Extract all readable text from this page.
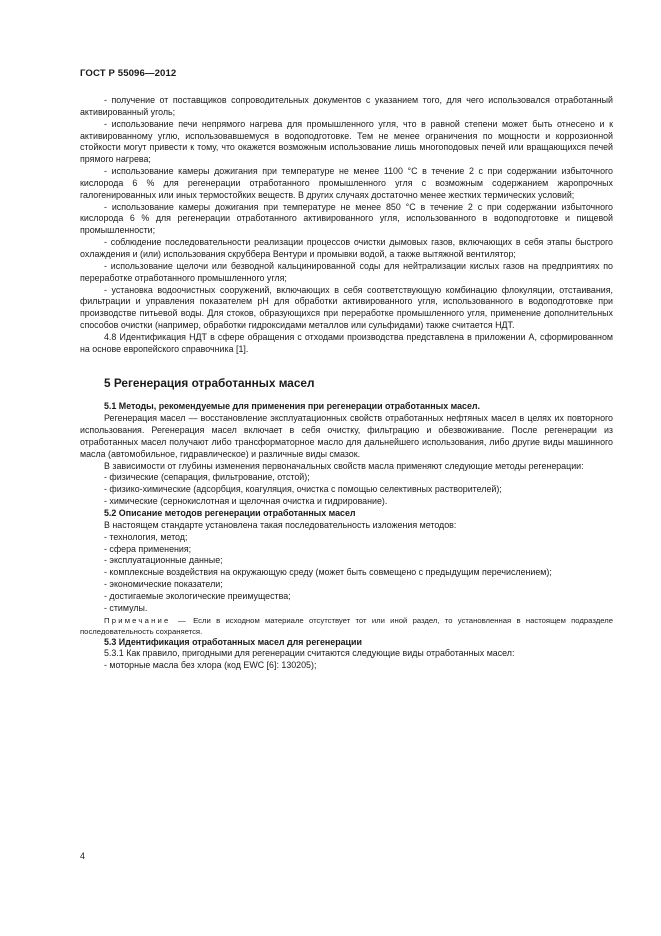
ГОСТ Р 55096—2012

- получение от поставщиков сопроводительных документов с указанием того, для чего использовался отработанный активированный уголь;

- использование печи непрямого нагрева для промышленного угля, что в равной степени может быть отнесено и к активированному углю, использовавшемуся в водоподготовке. Тем не менее ограничения по мощности и коррозионной стойкости могут привести к тому, что окажется возможным использование лишь многоподовых печей или вращающихся печей прямого нагрева;

- использование камеры дожигания при температуре не менее 1100 °С в течение 2 с при содержании избыточного кислорода 6 % для регенерации отработанного промышленного угля с возможным содержанием жаропрочных галогенированных или иных термостойких веществ. В других случаях достаточно менее жестких термических условий;

- использование камеры дожигания при температуре не менее 850 °С в течение 2 с при содержании избыточного кислорода 6 % для регенерации отработанного активированного угля, использованного в водоподготовке и пищевой промышленности;

- соблюдение последовательности реализации процессов очистки дымовых газов, включающих в себя этапы быстрого охлаждения и (или) использования скруббера Вентури и промывки водой, а также вытяжной вентилятор;

- использование щелочи или безводной кальцинированной соды для нейтрализации кислых газов на предприятиях по переработке отработанного промышленного угля;

- установка водоочистных сооружений, включающих в себя соответствующую комбинацию флокуляции, отстаивания, фильтрации и управления показателем рН для обработки активированного угля, использованного в водоподготовке при производстве питьевой воды. Для стоков, образующихся при переработке промышленного угля, применение дополнительных способов очистки (например, обработки гидроксидами металлов или сульфидами) также считается НДТ.

4.8 Идентификация НДТ в сфере обращения с отходами производства представлена в приложении А, сформированном на основе европейского справочника [1].

5 Регенерация отработанных масел

5.1 Методы, рекомендуемые для применения при регенерации отработанных масел.

Регенерация масел — восстановление эксплуатационных свойств отработанных нефтяных масел в целях их повторного использования. Регенерация масел включает в себя очистку, фильтрацию и обезвоживание. После регенерации из отработанных масел получают либо трансформаторное масло для дальнейшего использования, либо другие виды машинного масла (автомобильное, гидравлическое) и различные виды смазок.

В зависимости от глубины изменения первоначальных свойств масла применяют следующие методы регенерации:

- физические (сепарация, фильтрование, отстой);

- физико-химические (адсорбция, коагуляция, очистка с помощью селективных растворителей);

- химические (сернокислотная и щелочная очистка и гидрирование).

5.2 Описание методов регенерации отработанных масел

В настоящем стандарте установлена такая последовательность изложения методов:

- технология, метод;

- сфера применения;

- эксплуатационные данные;

- комплексные воздействия на окружающую среду (может быть совмещено с предыдущим перечислением);

- экономические показатели;

- достигаемые экологические преимущества;

- стимулы.

Примечание — Если в исходном материале отсутствует тот или иной раздел, то установленная в настоящем подразделе последовательность сохраняется.

5.3 Идентификация отработанных масел для регенерации

5.3.1 Как правило, пригодными для регенерации считаются следующие виды отработанных масел:

- моторные масла без хлора (код EWC [6]: 130205);

4
